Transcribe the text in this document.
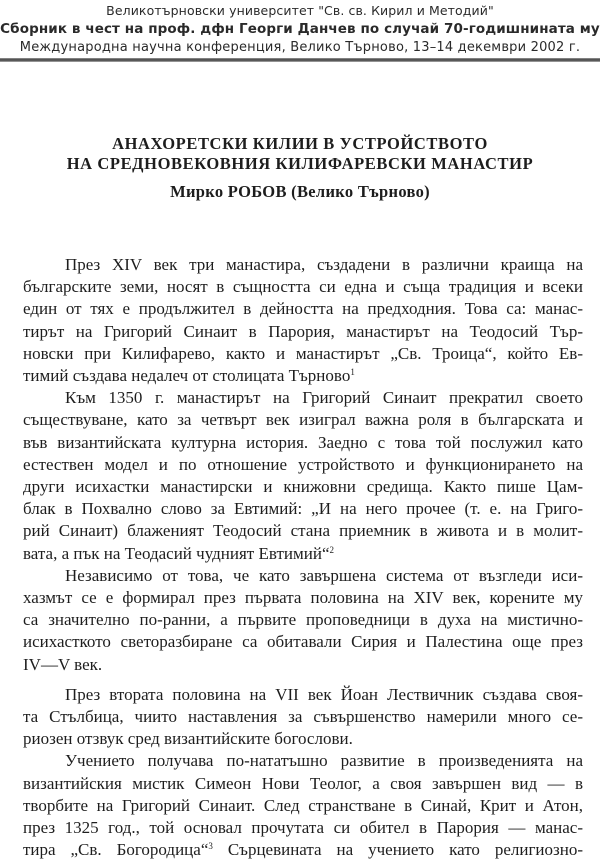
Великотърновски университет "Св. св. Кирил и Методий"
Сборник в чест на проф. дфн Георги Данчев по случай 70-годишнината му
Международна научна конференция, Велико Търново, 13–14 декември 2002 г.
АНАХОРЕТСКИ КИЛИИ В УСТРОЙСТВОТО
НА СРЕДНОВЕКОВНИЯ КИЛИФАРЕВСКИ МАНАСТИР
Мирко РОБОВ (Велико Търново)
През XIV век три манастира, създадени в различни краища на
българските земи, носят в същността си една и съща традиция и всеки
един от тях е продължител в дейността на предходния. Това са: манас-
тирът на Григорий Синаит в Парория, манастирът на Теодосий Тър-
новски при Килифарево, както и манастирът „Св. Троица“, който Ев-
тимий създава недалеч от столицата Търново$^1$
Към 1350 г. манастирът на Григорий Синаит прекратил своето
съществуване, като за четвърт век изиграл важна роля в българската и
във византийската културна история. Заедно с това той послужил като
естествен модел и по отношение устройството и функционирането на
други исихастки манастирски и книжовни средища. Както пише Цам-
блак в Похвално слово за Евтимий: „И на него прочее (т. е. на Григо-
рий Синаит) блаженият Теодосий стана приемник в живота и в молит-
вата, а пък на Теодасий чудният Евтимий“$^2$
Независимо от това, че като завършена система от възгледи иси-
хазмът се е формирал през първата половина на XIV век, корените му
са значително по-ранни, а първите проповедници в духа на мистично-
исихасткото светоразбиране са обитавали Сирия и Палестина още през
IV—V век.
През втората половина на VII век Йоан Лествичник създава своя-
та Стълбица, чиито наставления за съвършенство намерили много се-
риозен отзвук сред византийските богослови.
Учението получава по-нататъшно развитие в произведенията на
византийския мистик Симеон Нови Теолог, а своя завършен вид — в
творбите на Григорий Синаит. След странстване в Синай, Крит и Атон,
през 1325 год., той основал прочутата си обител в Парория — манас-
тира „Св. Богородица“$^3$ Сърцевината на учението като религиозно-
